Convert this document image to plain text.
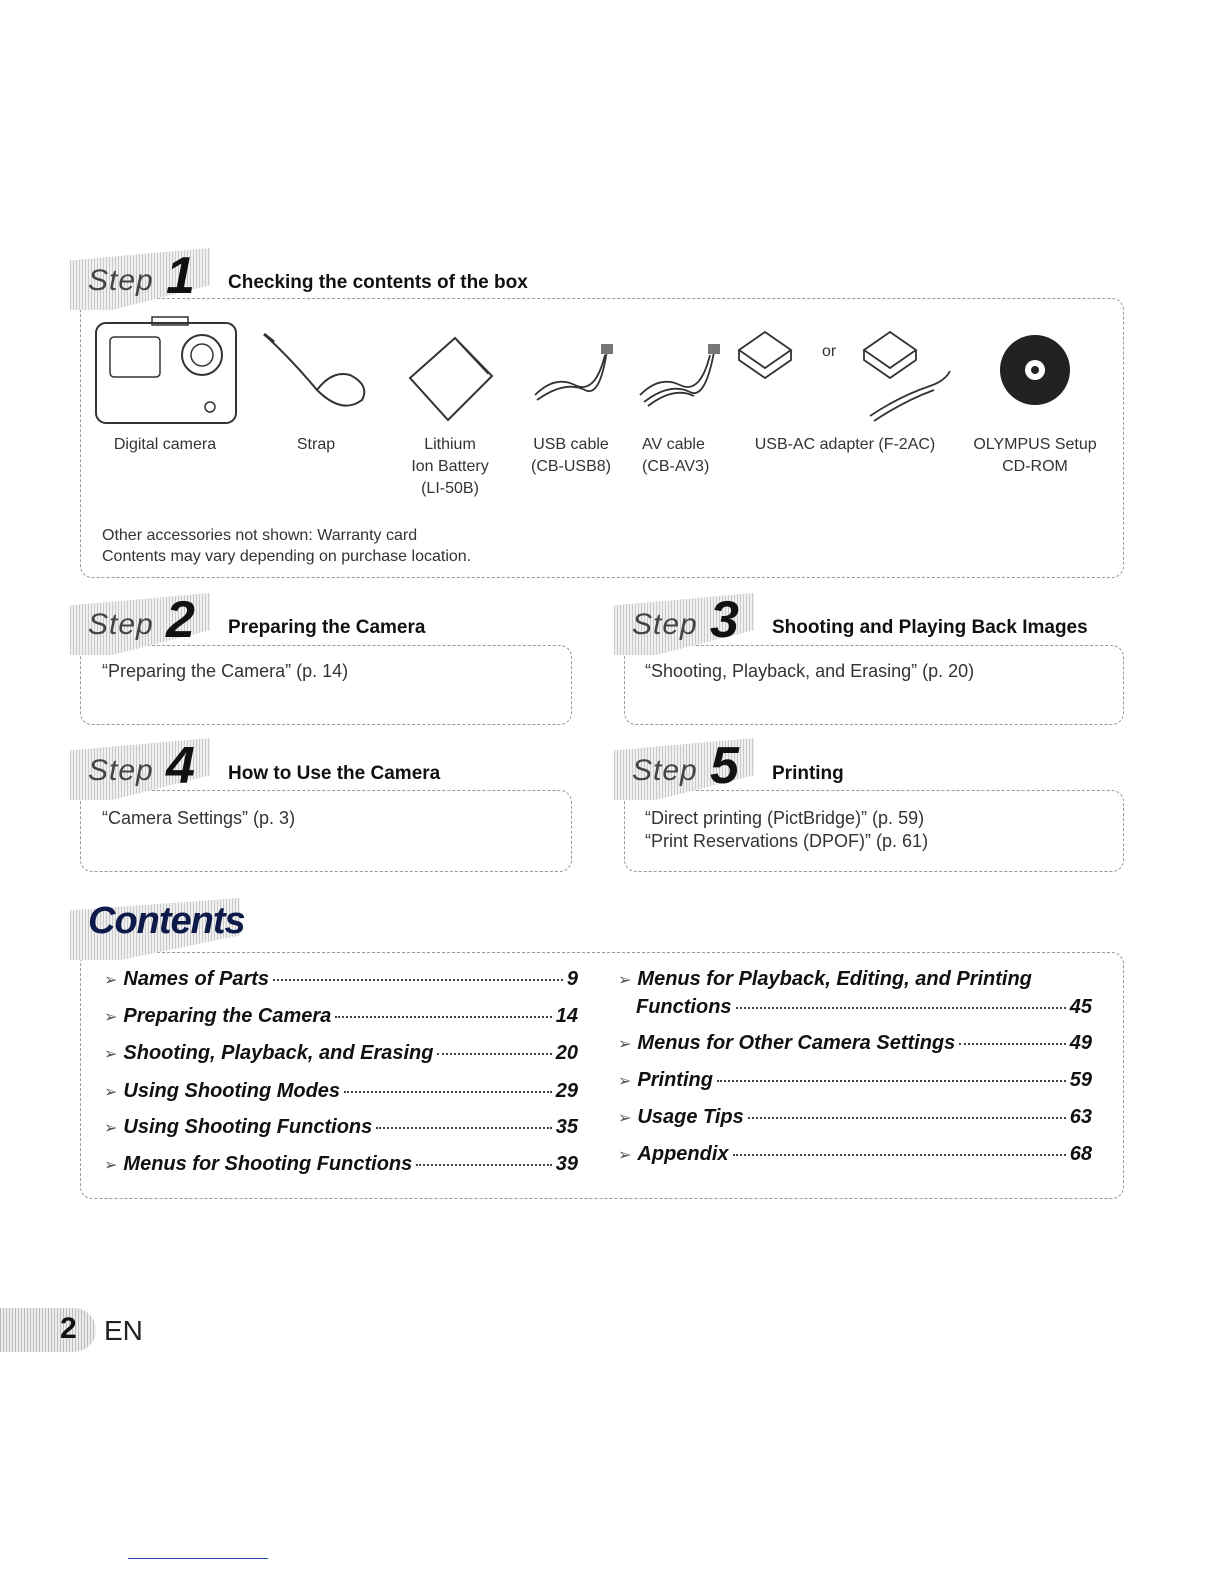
Step 1 Checking the contents of the box
or
Digital camera	Strap	Lithium
Ion Battery
(LI-50B)
USB cable
(CB-USB8)
AV cable
(CB-AV3)
USB-AC adapter (F-2AC)	OLYMPUS Setup
CD-ROM
Other accessories not shown: Warranty card
Contents may vary depending on purchase location.
Step 2 Preparing the Camera
“Preparing the Camera” (p. 14)
Step 3 Shooting and Playing Back Images
“Shooting, Playback, and Erasing” (p. 20)
Step 4 How to Use the Camera
“Camera Settings” (p. 3)
Step 5 Printing
“Direct printing (PictBridge)” (p. 59)
“Print Reservations (DPOF)” (p. 61)
Contents
➢ Names of Parts	9
➢ Preparing the Camera	14
➢ Shooting, Playback, and Erasing	20
➢ Using Shooting Modes	29
➢ Using Shooting Functions	35
➢ Menus for Shooting Functions	39
➢ Menus for Playback, Editing, and Printing
Functions	45
➢ Menus for Other Camera Settings	49
➢ Printing	59
➢ Usage Tips	63
➢ Appendix	68
2 EN
